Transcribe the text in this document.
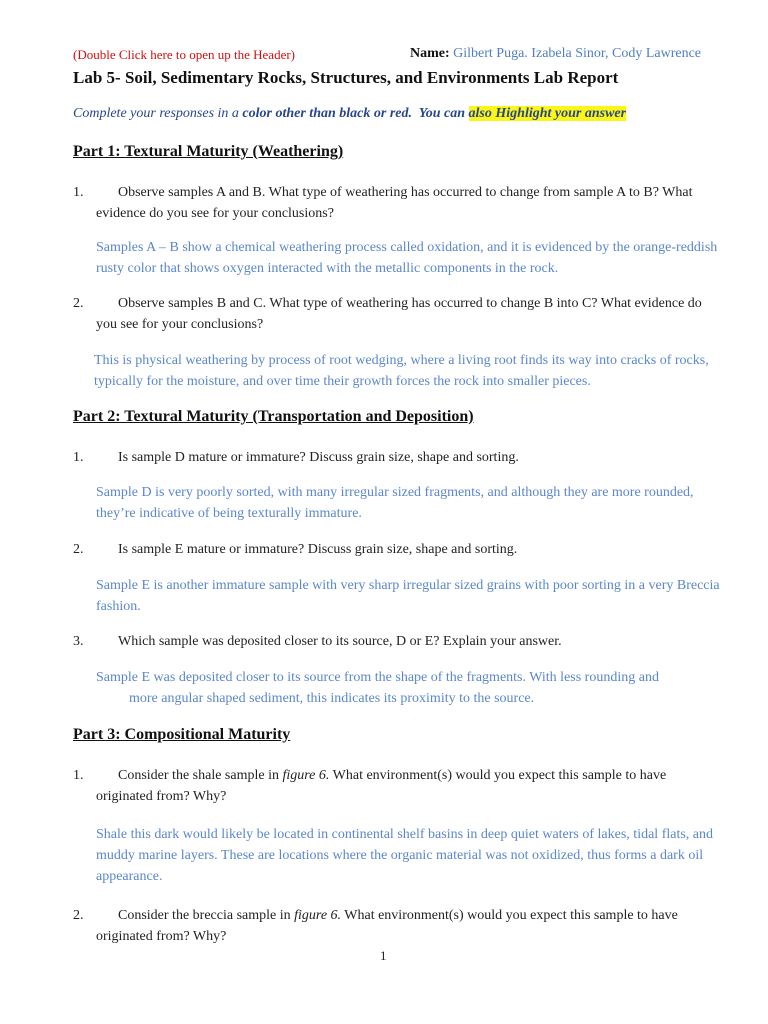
(Double Click here to open up the Header)	Name: Gilbert Puga. Izabela Sinor, Cody Lawrence
Lab 5- Soil, Sedimentary Rocks, Structures, and Environments Lab Report
Complete your responses in a color other than black or red.  You can also Highlight your answer
Part 1: Textural Maturity (Weathering)
1.	Observe samples A and B. What type of weathering has occurred to change from sample A to B? What evidence do you see for your conclusions?
Samples A – B show a chemical weathering process called oxidation, and it is evidenced by the orange-reddish rusty color that shows oxygen interacted with the metallic components in the rock.
2.	Observe samples B and C. What type of weathering has occurred to change B into C? What evidence do you see for your conclusions?
This is physical weathering by process of root wedging, where a living root finds its way into cracks of rocks, typically for the moisture, and over time their growth forces the rock into smaller pieces.
Part 2: Textural Maturity (Transportation and Deposition)
1.	Is sample D mature or immature? Discuss grain size, shape and sorting.
Sample D is very poorly sorted, with many irregular sized fragments, and although they are more rounded, they’re indicative of being texturally immature.
2.	Is sample E mature or immature? Discuss grain size, shape and sorting.
Sample E is another immature sample with very sharp irregular sized grains with poor sorting in a very Breccia fashion.
3.	Which sample was deposited closer to its source, D or E? Explain your answer.
Sample E was deposited closer to its source from the shape of the fragments. With less rounding and
more angular shaped sediment, this indicates its proximity to the source.
Part 3: Compositional Maturity
1.	Consider the shale sample in figure 6. What environment(s) would you expect this sample to have originated from? Why?
Shale this dark would likely be located in continental shelf basins in deep quiet waters of lakes, tidal flats, and muddy marine layers. These are locations where the organic material was not oxidized, thus forms a dark oil appearance.
2.	Consider the breccia sample in figure 6. What environment(s) would you expect this sample to have originated from? Why?
1
